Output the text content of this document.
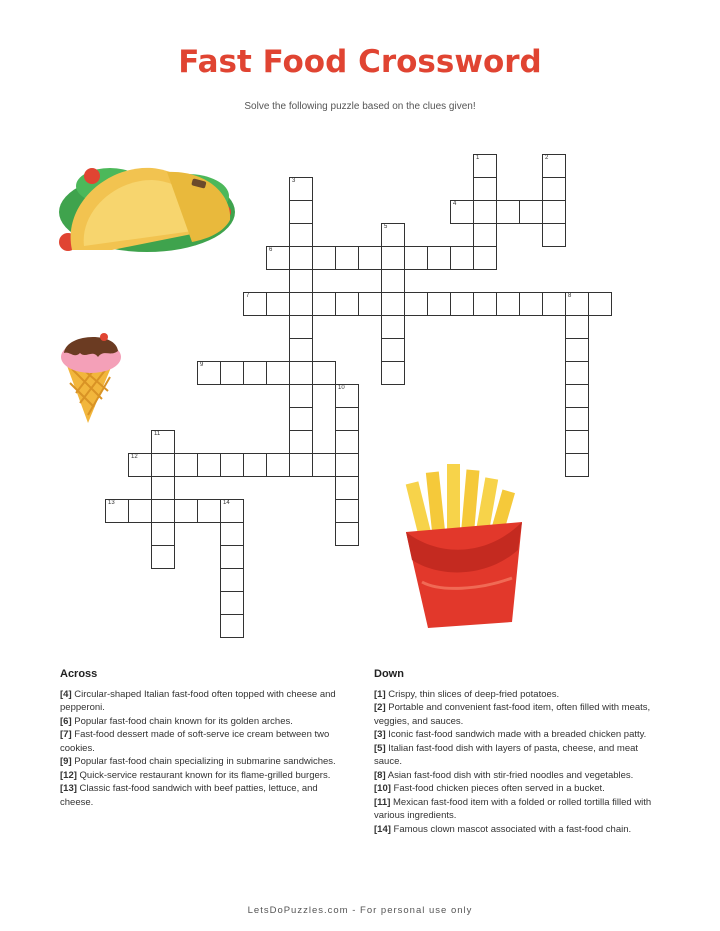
Fast Food Crossword
Solve the following puzzle based on the clues given!
1	2
3
4
5
6
7	8
9
10
11
12
13	14
Across

[4] Circular-shaped Italian fast-food often topped with cheese and pepperoni.

[6] Popular fast-food chain known for its golden arches.

[7] Fast-food dessert made of soft-serve ice cream between two cookies.

[9] Popular fast-food chain specializing in submarine sandwiches.

[12] Quick-service restaurant known for its flame-grilled burgers.

[13] Classic fast-food sandwich with beef patties, lettuce, and cheese.

Down

[1] Crispy, thin slices of deep-fried potatoes.

[2] Portable and convenient fast-food item, often filled with meats, veggies, and sauces.

[3] Iconic fast-food sandwich made with a breaded chicken patty.

[5] Italian fast-food dish with layers of pasta, cheese, and meat sauce.

[8] Asian fast-food dish with stir-fried noodles and vegetables.

[10] Fast-food chicken pieces often served in a bucket.

[11] Mexican fast-food item with a folded or rolled tortilla filled with various ingredients.

[14] Famous clown mascot associated with a fast-food chain.

LetsDoPuzzles.com - For personal use only
